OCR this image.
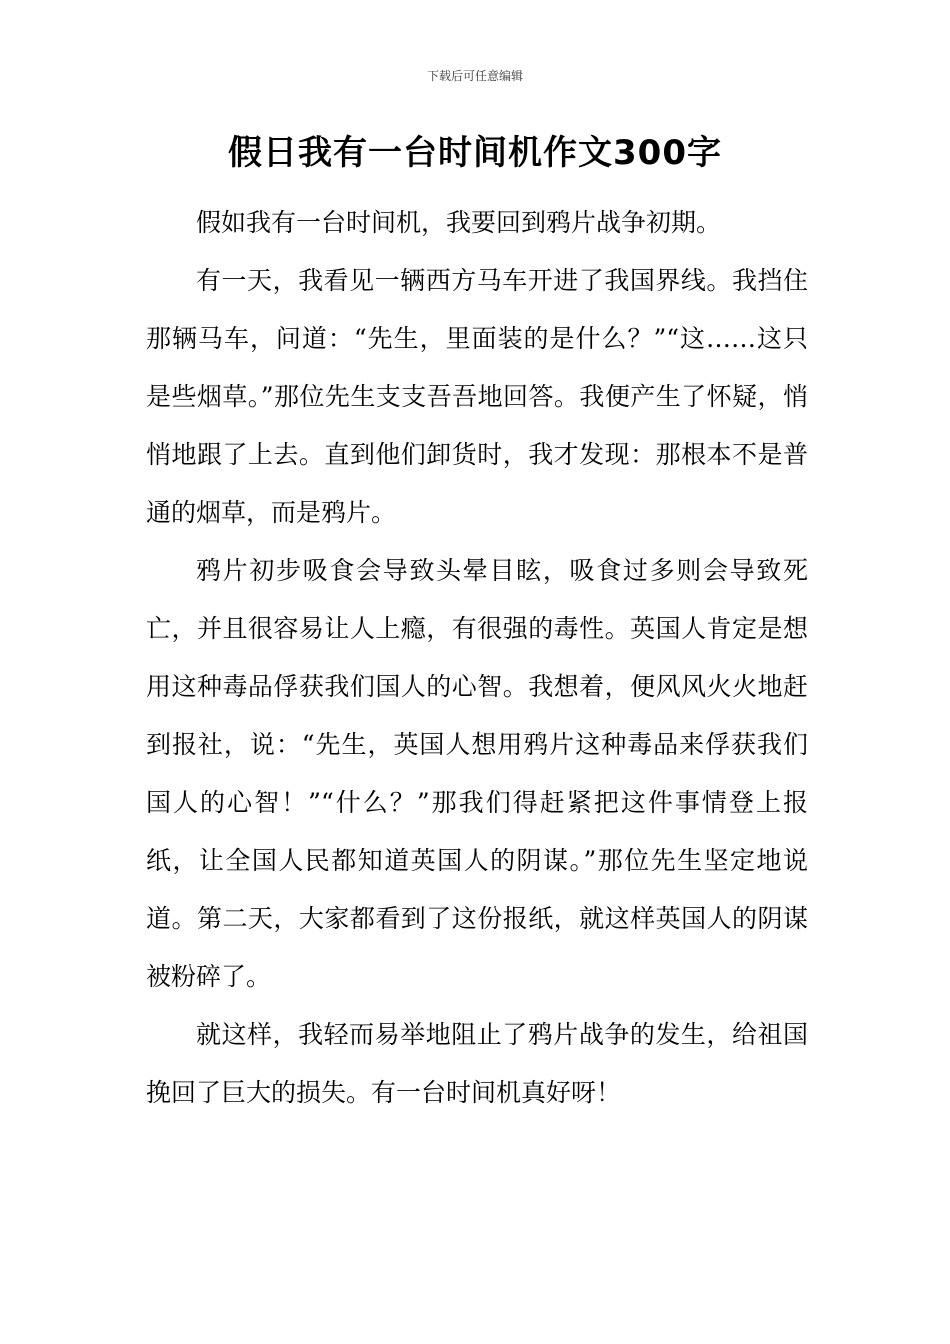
下载后可任意编辑
假日我有一台时间机作文300字

假如我有一台时间机，我要回到鸦片战争初期。

有一天，我看见一辆西方马车开进了我国界线。我挡住那辆马车，问道：“先生，里面装的是什么？”“这……这只是些烟草。”那位先生支支吾吾地回答。我便产生了怀疑，悄悄地跟了上去。直到他们卸货时，我才发现：那根本不是普通的烟草，而是鸦片。

鸦片初步吸食会导致头晕目眩，吸食过多则会导致死亡，并且很容易让人上瘾，有很强的毒性。英国人肯定是想用这种毒品俘获我们国人的心智。我想着，便风风火火地赶到报社，说：“先生，英国人想用鸦片这种毒品来俘获我们国人的心智！”“什么？”那我们得赶紧把这件事情登上报纸，让全国人民都知道英国人的阴谋。”那位先生坚定地说道。第二天，大家都看到了这份报纸，就这样英国人的阴谋被粉碎了。

就这样，我轻而易举地阻止了鸦片战争的发生，给祖国挽回了巨大的损失。有一台时间机真好呀！
